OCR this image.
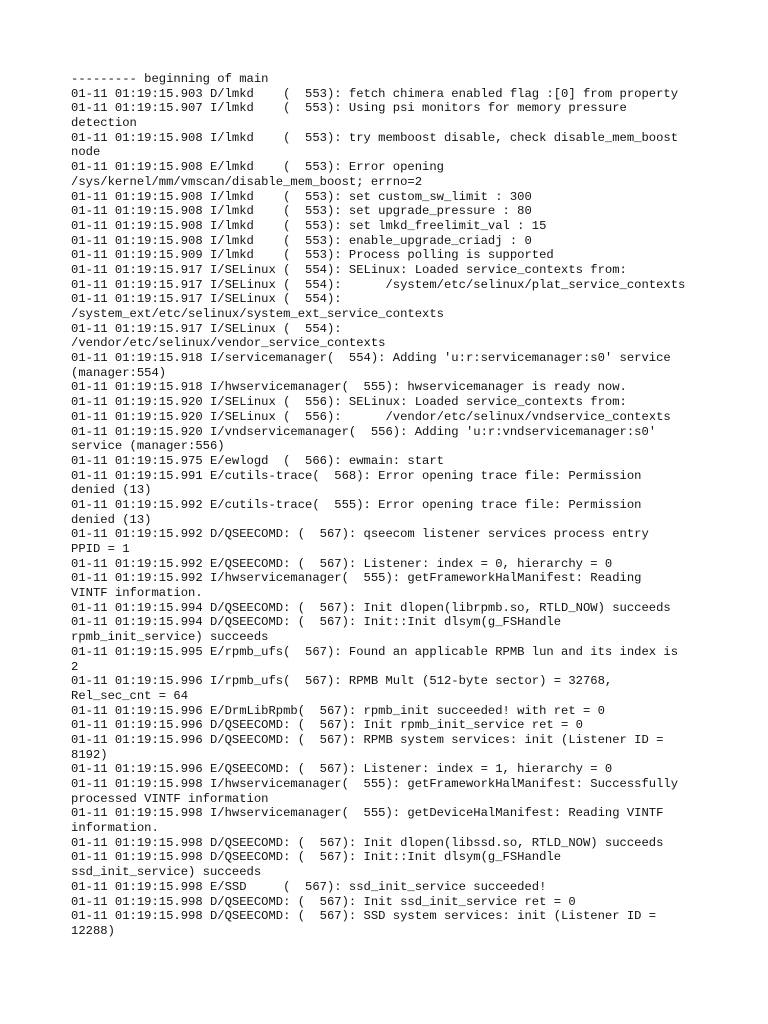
--------- beginning of main
01-11 01:19:15.903 D/lmkd    (  553): fetch chimera enabled flag :[0] from property
01-11 01:19:15.907 I/lmkd    (  553): Using psi monitors for memory pressure
detection
01-11 01:19:15.908 I/lmkd    (  553): try memboost disable, check disable_mem_boost
node
01-11 01:19:15.908 E/lmkd    (  553): Error opening
/sys/kernel/mm/vmscan/disable_mem_boost; errno=2
01-11 01:19:15.908 I/lmkd    (  553): set custom_sw_limit : 300
01-11 01:19:15.908 I/lmkd    (  553): set upgrade_pressure : 80
01-11 01:19:15.908 I/lmkd    (  553): set lmkd_freelimit_val : 15
01-11 01:19:15.908 I/lmkd    (  553): enable_upgrade_criadj : 0
01-11 01:19:15.909 I/lmkd    (  553): Process polling is supported
01-11 01:19:15.917 I/SELinux (  554): SELinux: Loaded service_contexts from:
01-11 01:19:15.917 I/SELinux (  554):      /system/etc/selinux/plat_service_contexts
01-11 01:19:15.917 I/SELinux (  554):
/system_ext/etc/selinux/system_ext_service_contexts
01-11 01:19:15.917 I/SELinux (  554):
/vendor/etc/selinux/vendor_service_contexts
01-11 01:19:15.918 I/servicemanager(  554): Adding 'u:r:servicemanager:s0' service
(manager:554)
01-11 01:19:15.918 I/hwservicemanager(  555): hwservicemanager is ready now.
01-11 01:19:15.920 I/SELinux (  556): SELinux: Loaded service_contexts from:
01-11 01:19:15.920 I/SELinux (  556):      /vendor/etc/selinux/vndservice_contexts
01-11 01:19:15.920 I/vndservicemanager(  556): Adding 'u:r:vndservicemanager:s0'
service (manager:556)
01-11 01:19:15.975 E/ewlogd  (  566): ewmain: start
01-11 01:19:15.991 E/cutils-trace(  568): Error opening trace file: Permission
denied (13)
01-11 01:19:15.992 E/cutils-trace(  555): Error opening trace file: Permission
denied (13)
01-11 01:19:15.992 D/QSEECOMD: (  567): qseecom listener services process entry
PPID = 1
01-11 01:19:15.992 E/QSEECOMD: (  567): Listener: index = 0, hierarchy = 0
01-11 01:19:15.992 I/hwservicemanager(  555): getFrameworkHalManifest: Reading
VINTF information.
01-11 01:19:15.994 D/QSEECOMD: (  567): Init dlopen(librpmb.so, RTLD_NOW) succeeds
01-11 01:19:15.994 D/QSEECOMD: (  567): Init::Init dlsym(g_FSHandle
rpmb_init_service) succeeds
01-11 01:19:15.995 E/rpmb_ufs(  567): Found an applicable RPMB lun and its index is
2
01-11 01:19:15.996 I/rpmb_ufs(  567): RPMB Mult (512-byte sector) = 32768,
Rel_sec_cnt = 64
01-11 01:19:15.996 E/DrmLibRpmb(  567): rpmb_init succeeded! with ret = 0
01-11 01:19:15.996 D/QSEECOMD: (  567): Init rpmb_init_service ret = 0
01-11 01:19:15.996 D/QSEECOMD: (  567): RPMB system services: init (Listener ID =
8192)
01-11 01:19:15.996 E/QSEECOMD: (  567): Listener: index = 1, hierarchy = 0
01-11 01:19:15.998 I/hwservicemanager(  555): getFrameworkHalManifest: Successfully
processed VINTF information
01-11 01:19:15.998 I/hwservicemanager(  555): getDeviceHalManifest: Reading VINTF
information.
01-11 01:19:15.998 D/QSEECOMD: (  567): Init dlopen(libssd.so, RTLD_NOW) succeeds
01-11 01:19:15.998 D/QSEECOMD: (  567): Init::Init dlsym(g_FSHandle
ssd_init_service) succeeds
01-11 01:19:15.998 E/SSD     (  567): ssd_init_service succeeded!
01-11 01:19:15.998 D/QSEECOMD: (  567): Init ssd_init_service ret = 0
01-11 01:19:15.998 D/QSEECOMD: (  567): SSD system services: init (Listener ID =
12288)
